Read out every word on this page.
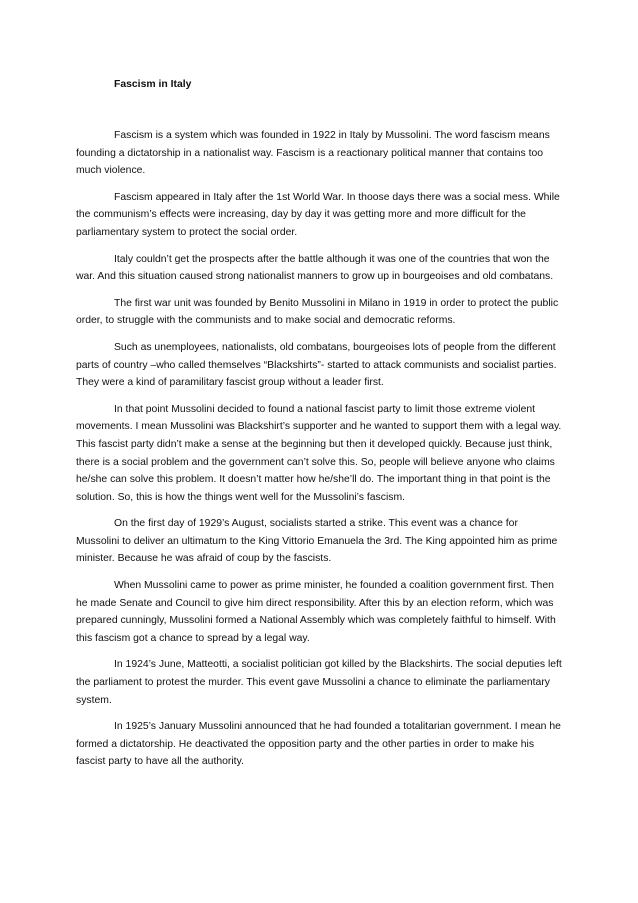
Fascism in Italy

Fascism is a system which was founded in 1922 in Italy by Mussolini. The word fascism means founding a dictatorship in a nationalist way. Fascism is a reactionary political manner that contains too much violence.

Fascism appeared in Italy after the 1st World War. In thoose days there was a social mess. While the communism’s effects were increasing, day by day it was getting more and more difficult for the parliamentary system to protect the social order.

Italy couldn’t get the prospects after the battle although it was one of the countries that won the war. And this situation caused strong nationalist manners to grow up in bourgeoises and old combatans.

The first war unit was founded by Benito Mussolini in Milano in 1919 in order to protect the public order, to struggle with the communists and to make social and democratic reforms.

Such as unemployees, nationalists, old combatans, bourgeoises lots of people from the different parts of country –who called themselves “Blackshirts”- started to attack communists and socialist parties. They were a kind of paramilitary fascist group without a leader first.

In that point Mussolini decided to found a national fascist party to limit those extreme violent movements. I mean Mussolini was Blackshirt’s supporter and he wanted to support them with a legal way. This fascist party didn’t make a sense at the beginning but then it developed quickly. Because just think, there is a social problem and the government can’t solve this. So, people will believe anyone who claims he/she can solve this problem. It doesn’t matter how he/she’ll do. The important thing in that point is the solution. So, this is how the things went well for the Mussolini’s fascism.

On the first day of 1929’s August, socialists started a strike. This event was a chance for Mussolini to deliver an ultimatum to the King Vittorio Emanuela the 3rd. The King appointed him as prime minister. Because he was afraid of coup by the fascists.

When Mussolini came to power as prime minister, he founded a coalition government first. Then he made Senate and Council to give him direct responsibility. After this by an election reform, which was prepared cunningly, Mussolini formed a National Assembly which was completely faithful to himself. With this fascism got a chance to spread by a legal way.

In 1924’s June, Matteotti, a socialist politician got killed by the Blackshirts. The social deputies left the parliament to protest the murder. This event gave Mussolini a chance to eliminate the parliamentary system.

In 1925’s January Mussolini announced that he had founded a totalitarian government. I mean he formed a dictatorship. He deactivated the opposition party and the other parties in order to make his fascist party to have all the authority.
